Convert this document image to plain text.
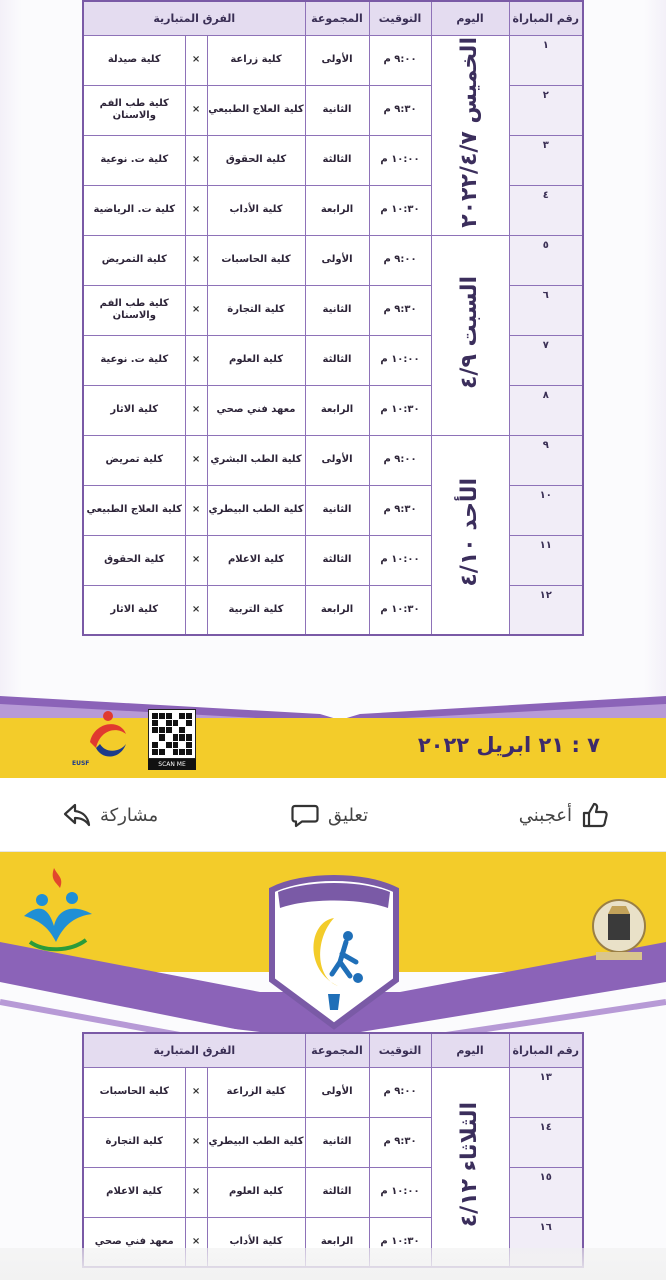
رقم المباراة	اليوم	التوقيت	المجموعة	الفرق المتبارية		
١	الخميس ٢٠٢٢/٤/٧	٩:٠٠ م	الأولى	كلية زراعة	×	كلية صيدلة
٢		٩:٣٠ م	الثانية	كلية العلاج الطبيعي	×	كلية طب الفم والاسنان
٣		١٠:٠٠ م	الثالثة	كلية الحقوق	×	كلية ت. نوعية
٤		١٠:٣٠ م	الرابعة	كلية الأداب	×	كلية ت. الرياضية
٥	السبت ٤/٩	٩:٠٠ م	الأولى	كلية الحاسبات	×	كلية التمريض
٦		٩:٣٠ م	الثانية	كلية التجارة	×	كلية طب الفم والاسنان
٧		١٠:٠٠ م	الثالثة	كلية العلوم	×	كلية ت. نوعية
٨		١٠:٣٠ م	الرابعة	معهد فني صحي	×	كلية الاثار
٩	الأحد ٤/١٠	٩:٠٠ م	الأولى	كلية الطب البشري	×	كلية تمريض
١٠		٩:٣٠ م	الثانية	كلية الطب البيطري	×	كلية العلاج الطبيعي
١١		١٠:٠٠ م	الثالثة	كلية الاعلام	×	كلية الحقوق
١٢		١٠:٣٠ م	الرابعة	كلية التربية	×	كلية الاثار
EUSF	SCAN ME
٧ : ٢١ ابريل ٢٠٢٢
أعجبني
تعليق
مشاركة
رقم المباراة	اليوم	التوقيت	المجموعة	الفرق المتبارية		
١٣	الثلاثاء ٤/١٢	٩:٠٠ م	الأولى	كلية الزراعة	×	كلية الحاسبات
١٤		٩:٣٠ م	الثانية	كلية الطب البيطري	×	كلية التجارة
١٥		١٠:٠٠ م	الثالثة	كلية العلوم	×	كلية الاعلام
١٦		١٠:٣٠ م	الرابعة	كلية الأداب	×	معهد فني صحي
